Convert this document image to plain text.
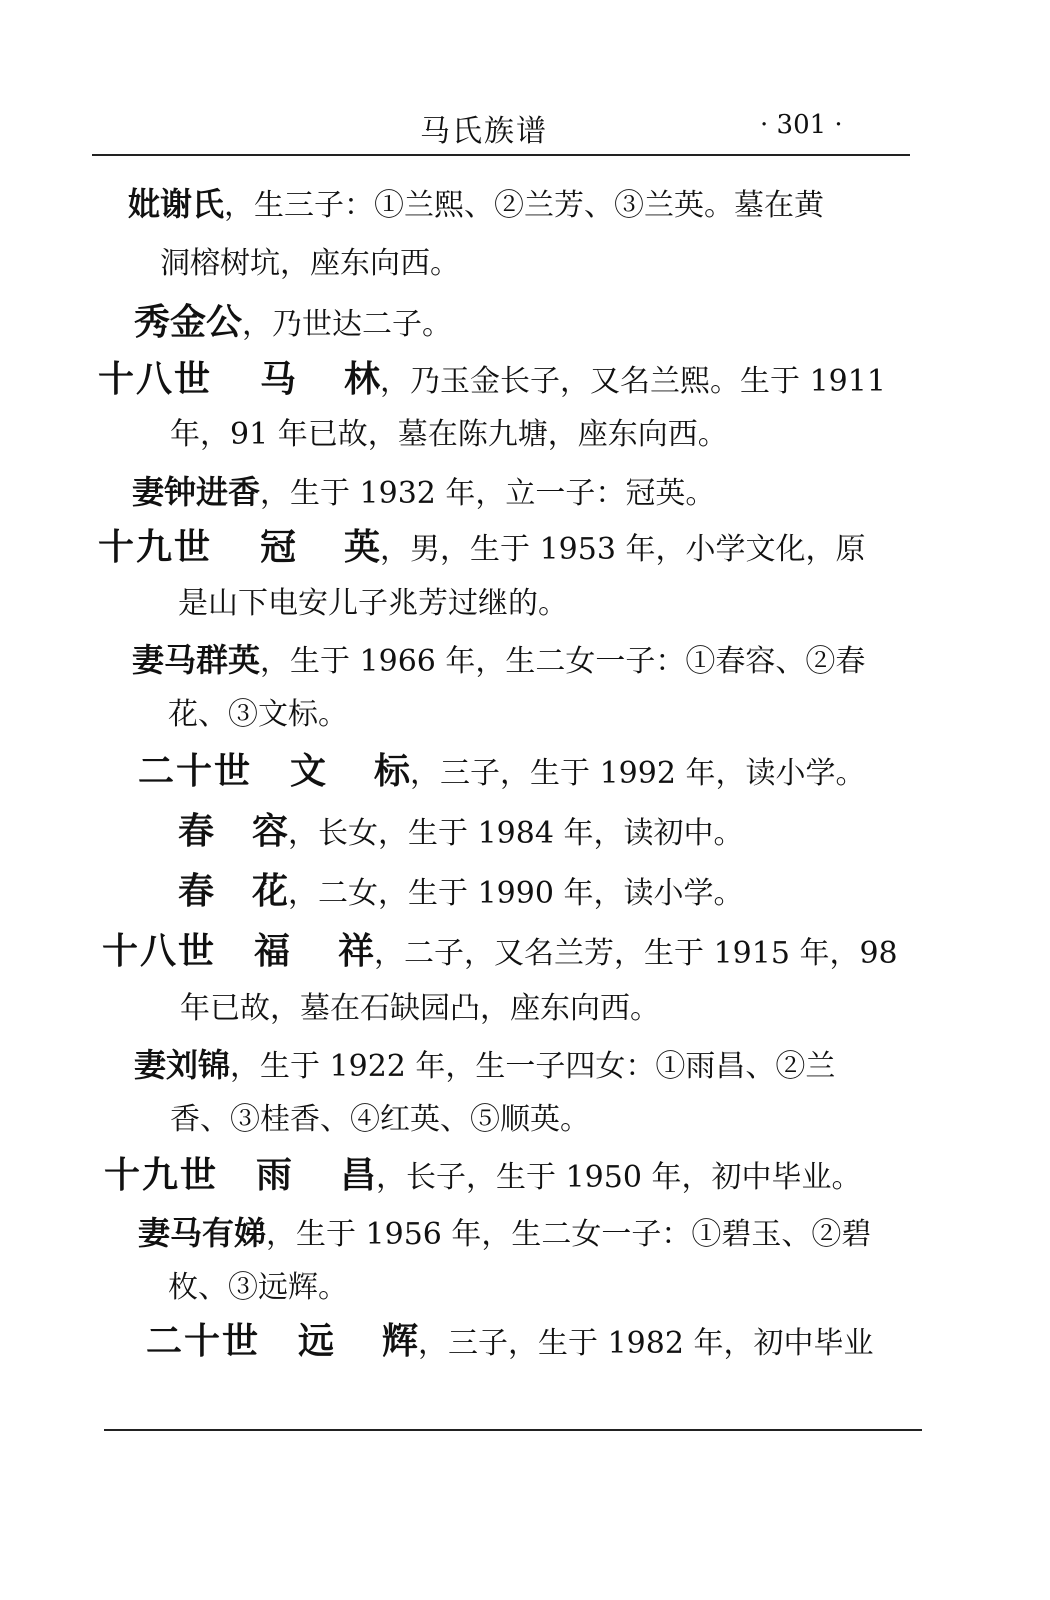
马氏族谱	· 301 ·
妣谢氏，生三子：①兰熙、②兰芳、③兰英。墓在黄
洞榕树坑，座东向西。
秀金公，乃世达二子。
十八世 马 林，乃玉金长子，又名兰熙。生于 1911
年，91 年已故，墓在陈九塘，座东向西。
妻钟进香，生于 1932 年，立一子：冠英。
十九世 冠 英，男，生于 1953 年，小学文化，原
是山下电安儿子兆芳过继的。
妻马群英，生于 1966 年，生二女一子：①春容、②春
花、③文标。
二十世 文 标，三子，生于 1992 年，读小学。
春 容，长女，生于 1984 年，读初中。
春 花，二女，生于 1990 年，读小学。
十八世 福 祥，二子，又名兰芳，生于 1915 年，98
年已故，墓在石缺园凸，座东向西。
妻刘锦，生于 1922 年，生一子四女：①雨昌、②兰
香、③桂香、④红英、⑤顺英。
十九世 雨 昌，长子，生于 1950 年，初中毕业。
妻马有娣，生于 1956 年，生二女一子：①碧玉、②碧
枚、③远辉。
二十世 远 辉，三子，生于 1982 年，初中毕业
